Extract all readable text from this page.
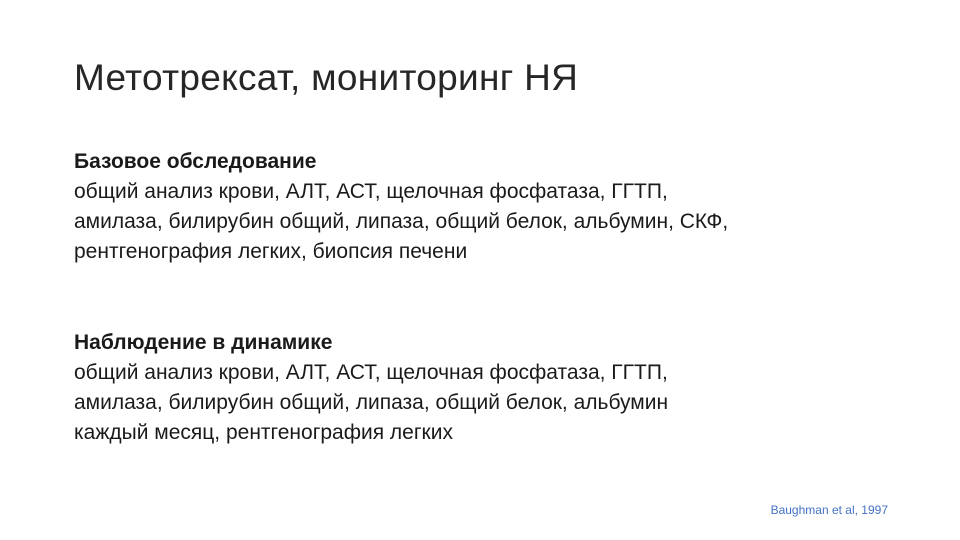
Метотрексат, мониторинг НЯ
Базовое обследование
общий анализ крови, АЛТ, АСТ, щелочная фосфатаза, ГГТП,
амилаза, билирубин общий, липаза, общий белок, альбумин, СКФ,
рентгенография легких, биопсия печени
Наблюдение в динамике
общий анализ крови, АЛТ, АСТ, щелочная фосфатаза, ГГТП,
амилаза, билирубин общий, липаза, общий белок, альбумин
каждый месяц, рентгенография легких
Baughman et al, 1997
